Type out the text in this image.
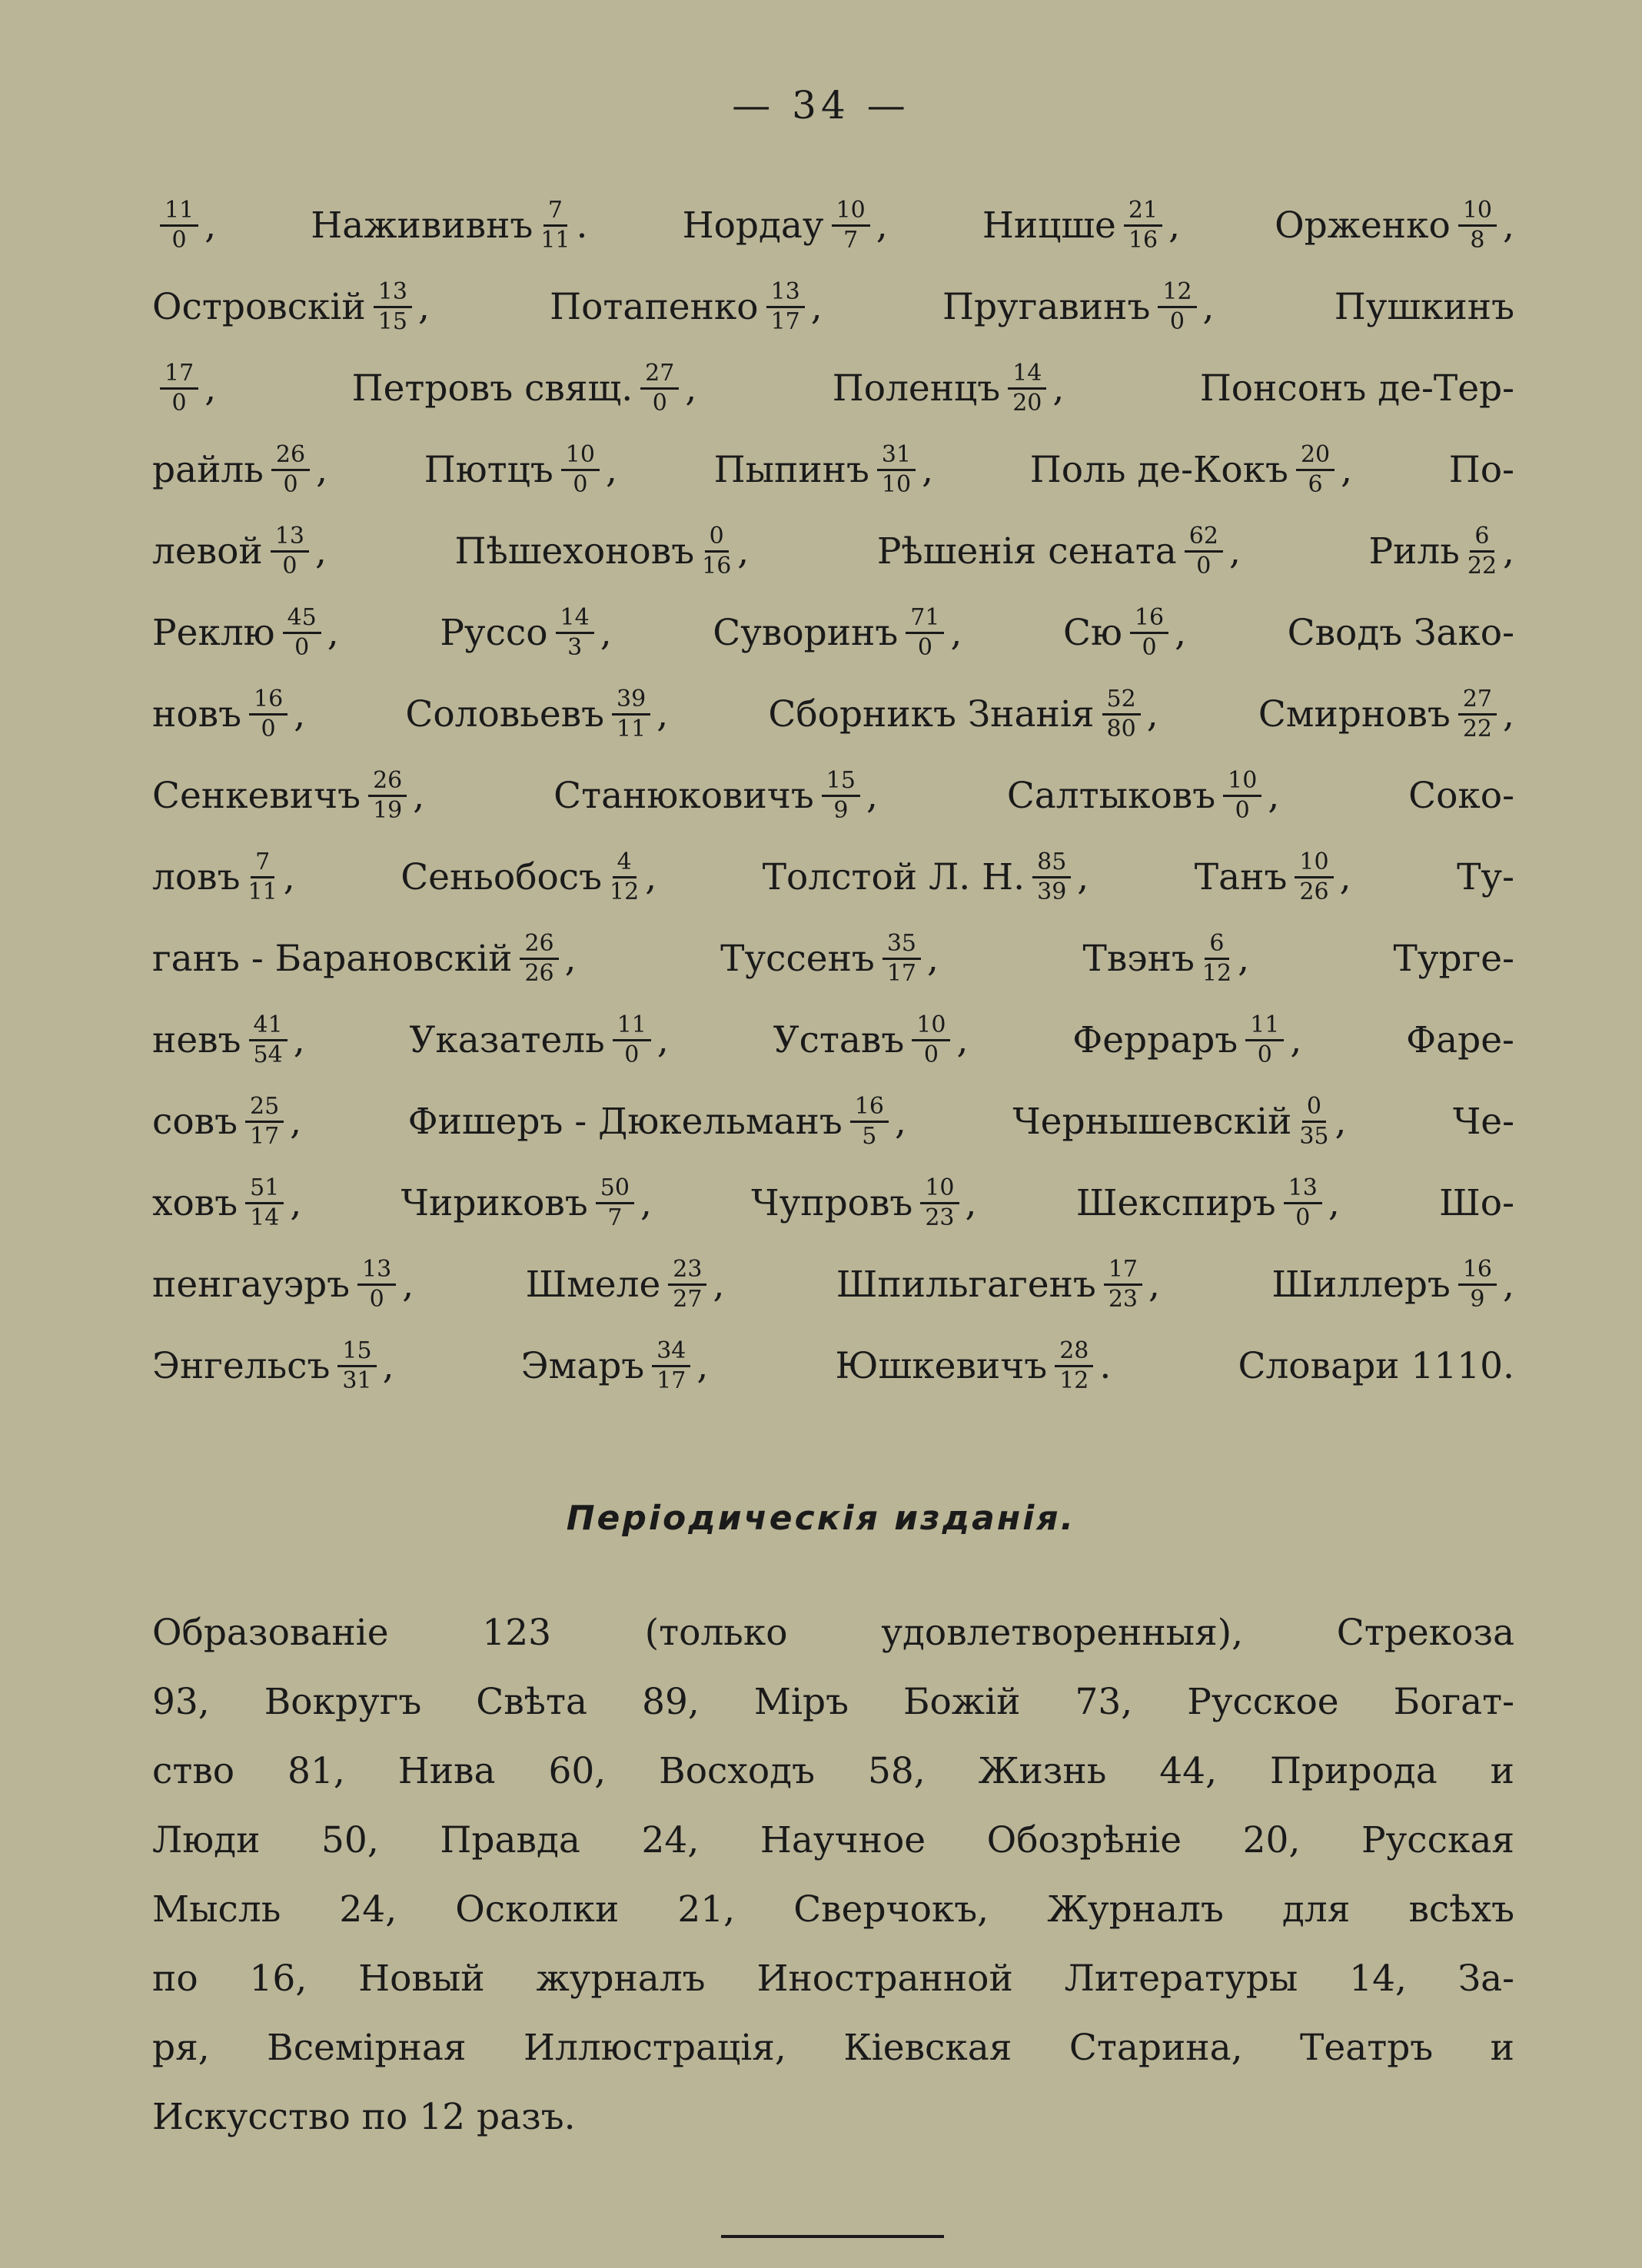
— 34 —
$\frac{11}{0}$ ,	Нажививнъ $\frac{7}{11}$ .	Нордау $\frac{10}{7}$ ,	Ницше $\frac{21}{16}$ ,	Орженко $\frac{10}{8}$ ,
Островскій $\frac{13}{15}$ ,	Потапенко $\frac{13}{17}$ ,	Пругавинъ $\frac{12}{0}$ ,	Пушкинъ
$\frac{17}{0}$ ,	Петровъ свящ. $\frac{27}{0}$ ,	Поленцъ $\frac{14}{20}$ ,	Понсонъ де-Тер-
райль $\frac{26}{0}$ ,	Пютцъ $\frac{10}{0}$ ,	Пыпинъ $\frac{31}{10}$ ,	Поль де-Кокъ $\frac{20}{6}$ ,	По-
левой $\frac{13}{0}$ ,	Пѣшехоновъ $\frac{0}{16}$ ,	Рѣшенія сената $\frac{62}{0}$ ,	Риль $\frac{6}{22}$ ,
Реклю $\frac{45}{0}$ ,	Руссо $\frac{14}{3}$ ,	Суворинъ $\frac{71}{0}$ ,	Сю $\frac{16}{0}$ ,	Сводъ Зако-
новъ $\frac{16}{0}$ ,	Соловьевъ $\frac{39}{11}$ ,	Сборникъ Знанія $\frac{52}{80}$ ,	Смирновъ $\frac{27}{22}$ ,
Сенкевичъ $\frac{26}{19}$ ,	Станюковичъ $\frac{15}{9}$ ,	Салтыковъ $\frac{10}{0}$ ,	Соко-
ловъ $\frac{7}{11}$ ,	Сеньобосъ $\frac{4}{12}$ ,	Толстой Л. Н. $\frac{85}{39}$ ,	Танъ $\frac{10}{26}$ ,	Ту-
ганъ - Барановскій $\frac{26}{26}$ ,	Туссенъ $\frac{35}{17}$ ,	Твэнъ $\frac{6}{12}$ ,	Турге-
невъ $\frac{41}{54}$ ,	Указатель $\frac{11}{0}$ ,	Уставъ $\frac{10}{0}$ ,	Ферраръ $\frac{11}{0}$ ,	Фаре-
совъ $\frac{25}{17}$ ,	Фишеръ - Дюкельманъ $\frac{16}{5}$ ,	Чернышевскій $\frac{0}{35}$ ,	Че-
ховъ $\frac{51}{14}$ ,	Чириковъ $\frac{50}{7}$ ,	Чупровъ $\frac{10}{23}$ ,	Шекспиръ $\frac{13}{0}$ ,	Шо-
пенгауэръ $\frac{13}{0}$ ,	Шмеле $\frac{23}{27}$ ,	Шпильгагенъ $\frac{17}{23}$ ,	Шиллеръ $\frac{16}{9}$ ,
Энгельсъ $\frac{15}{31}$ ,	Эмаръ $\frac{34}{17}$ ,	Юшкевичъ $\frac{28}{12}$ .	Словари 1110.
Періодическія изданія.
Образованіе 123 (только удовлетворенныя), Стрекоза
93, Вокругъ Свѣта 89, Міръ Божій 73, Русское Богат-
ство 81, Нива 60, Восходъ 58, Жизнь 44, Природа и
Люди 50, Правда 24, Научное Обозрѣніе 20, Русская
Мысль 24, Осколки 21, Сверчокъ, Журналъ для всѣхъ
по 16, Новый журналъ Иностранной Литературы 14, За-
ря, Всемірная Иллюстрація, Кіевская Старина, Театръ и
Искусство по 12 разъ.
